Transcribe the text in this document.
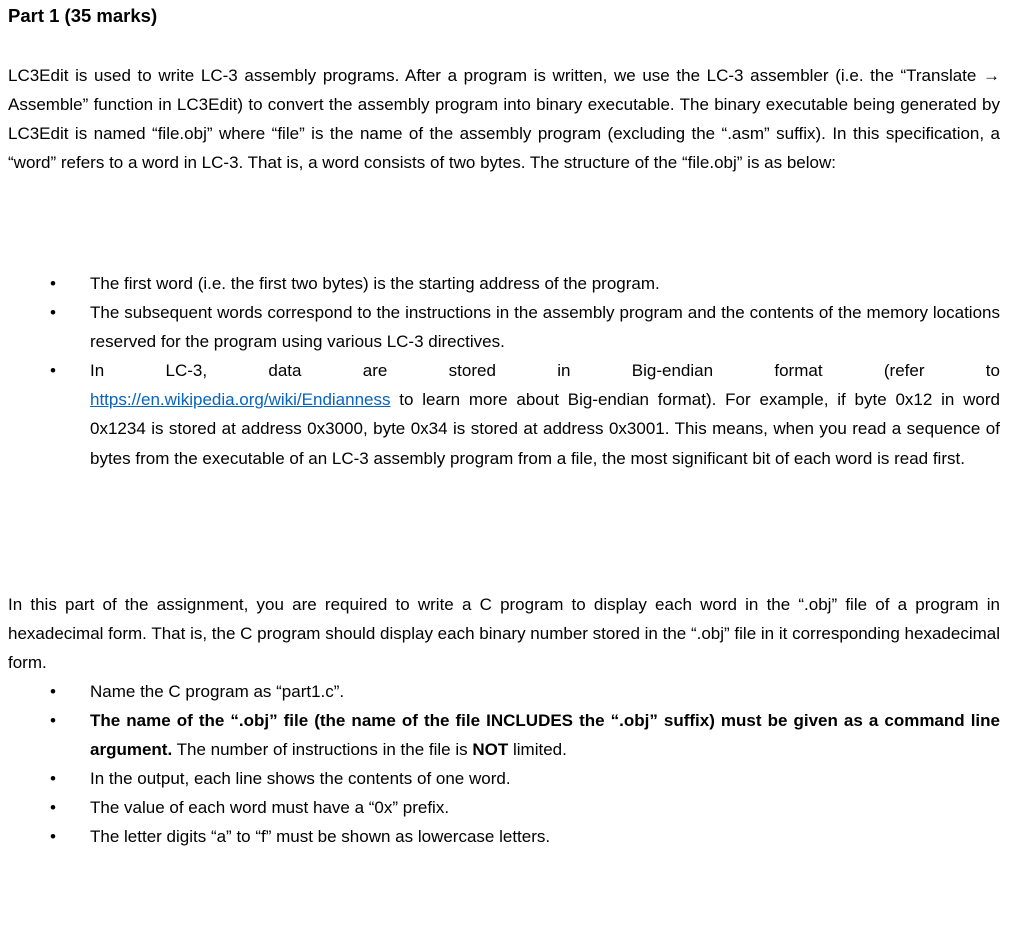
Part 1 (35 marks)

LC3Edit is used to write LC-3 assembly programs. After a program is written, we use the LC-3 assembler (i.e. the “Translate → Assemble” function in LC3Edit) to convert the assembly program into binary executable. The binary executable being generated by LC3Edit is named “file.obj” where “file” is the name of the assembly program (excluding the “.asm” suffix). In this specification, a “word” refers to a word in LC-3. That is, a word consists of two bytes. The structure of the “file.obj” is as below:

•	The first word (i.e. the first two bytes) is the starting address of the program.
•	The subsequent words correspond to the instructions in the assembly program and the contents of the memory locations reserved for the program using various LC-3 directives.
•	In LC-3, data are stored in Big-endian format (refer to
https://en.wikipedia.org/wiki/Endianness to learn more about Big-endian format). For example, if byte 0x12 in word 0x1234 is stored at address 0x3000, byte 0x34 is stored at address 0x3001. This means, when you read a sequence of bytes from the executable of an LC-3 assembly program from a file, the most significant bit of each word is read first.

In this part of the assignment, you are required to write a C program to display each word in the “.obj” file of a program in hexadecimal form. That is, the C program should display each binary number stored in the “.obj” file in it corresponding hexadecimal form.

•	Name the C program as “part1.c”.
•	The name of the “.obj” file (the name of the file INCLUDES the “.obj” suffix) must be given as a command line argument. The number of instructions in the file is NOT limited.
•	In the output, each line shows the contents of one word.
•	The value of each word must have a “0x” prefix.
•	The letter digits “a” to “f” must be shown as lowercase letters.
